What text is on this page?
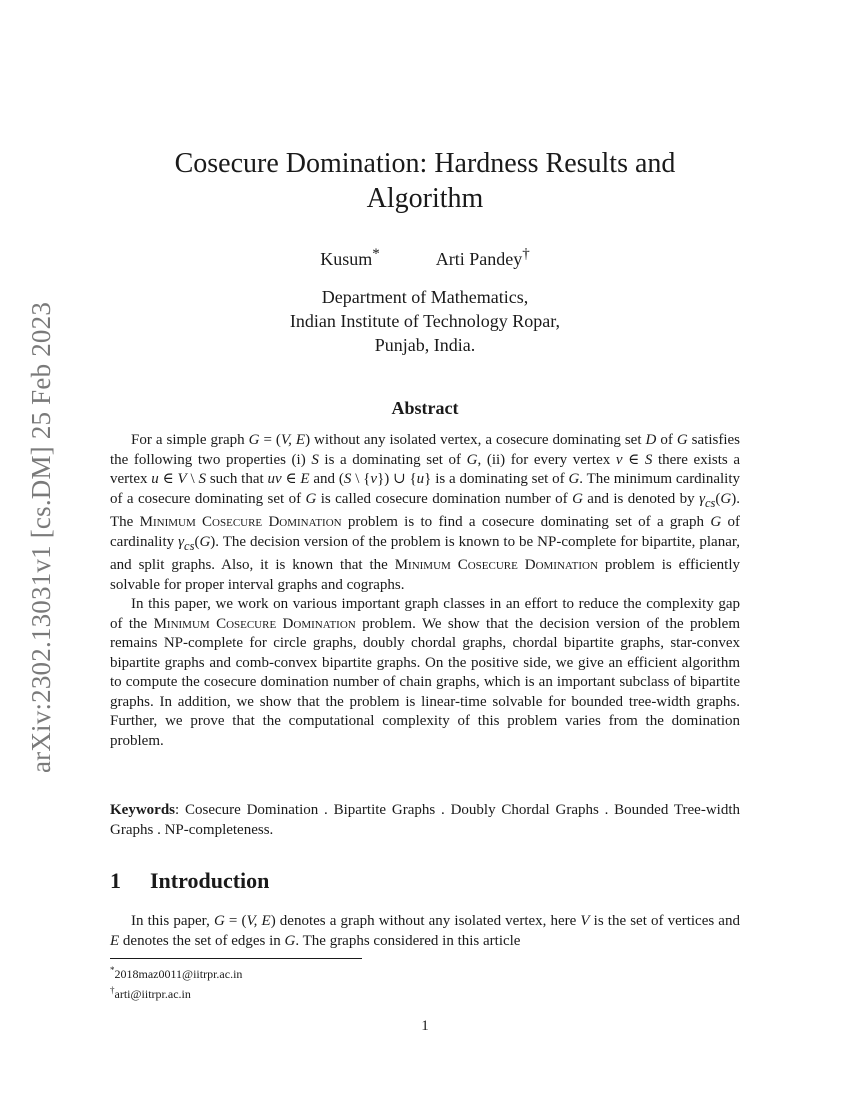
arXiv:2302.13031v1 [cs.DM] 25 Feb 2023
Cosecure Domination: Hardness Results and
Algorithm
Kusum*	Arti Pandey†
Department of Mathematics,
Indian Institute of Technology Ropar,
Punjab, India.
Abstract

For a simple graph G = (V, E) without any isolated vertex, a cosecure dominating set D of G satisfies the following two properties (i) S is a dominating set of G, (ii) for every vertex v ∈ S there exists a vertex u ∈ V \ S such that uv ∈ E and (S \ {v}) ∪ {u} is a dominating set of G. The minimum cardinality of a cosecure dominating set of G is called cosecure domination number of G and is denoted by $\gamma_{cs}(G)$. The Minimum Cosecure Domination problem is to find a cosecure dominating set of a graph G of cardinality $\gamma_{cs}(G)$. The decision version of the problem is known to be NP-complete for bipartite, planar, and split graphs. Also, it is known that the Minimum Cosecure Domination problem is efficiently solvable for proper interval graphs and cographs.

In this paper, we work on various important graph classes in an effort to reduce the complexity gap of the Minimum Cosecure Domination problem. We show that the decision version of the problem remains NP-complete for circle graphs, doubly chordal graphs, chordal bipartite graphs, star-convex bipartite graphs and comb-convex bipartite graphs. On the positive side, we give an efficient algorithm to compute the cosecure domination number of chain graphs, which is an important subclass of bipartite graphs. In addition, we show that the problem is linear-time solvable for bounded tree-width graphs. Further, we prove that the computational complexity of this problem varies from the domination problem.

Keywords: Cosecure Domination . Bipartite Graphs . Doubly Chordal Graphs . Bounded Tree-width Graphs . NP-completeness.
1 Introduction

In this paper, G = (V, E) denotes a graph without any isolated vertex, here V is the set of vertices and E denotes the set of edges in G. The graphs considered in this article

*2018maz0011@iitrpr.ac.in
†arti@iitrpr.ac.in
1
